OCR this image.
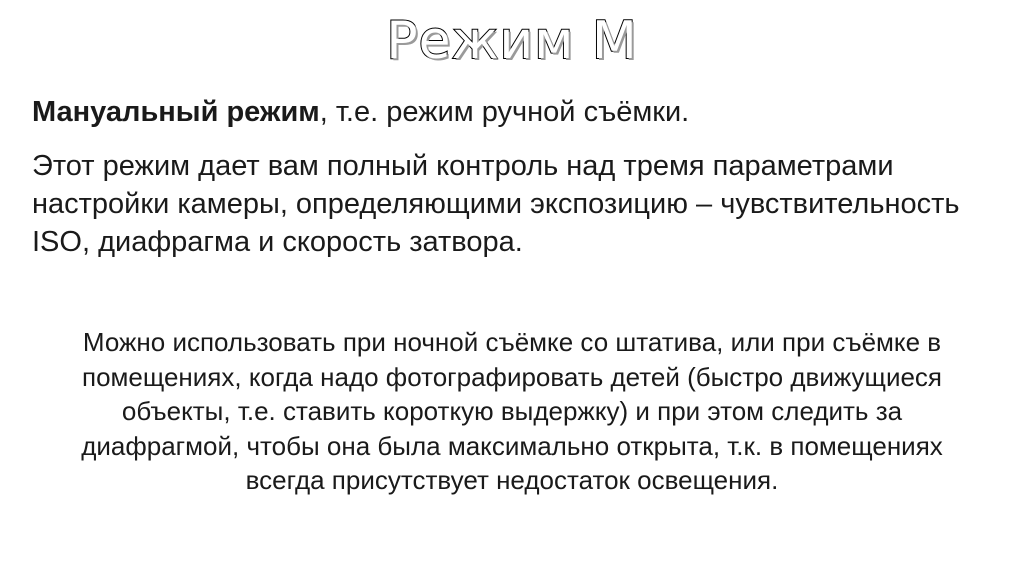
Режим М

Мануальный режим, т.е. режим ручной съёмки.

Этот режим дает вам полный контроль над тремя параметрами настройки камеры, определяющими экспозицию – чувствительность ISO, диафрагма и скорость затвора.

Можно использовать при ночной съёмке со штатива, или при съёмке в помещениях, когда надо фотографировать детей (быстро движущиеся объекты, т.е. ставить короткую выдержку) и при этом следить за диафрагмой, чтобы она была максимально открыта, т.к. в помещениях всегда присутствует недостаток освещения.
